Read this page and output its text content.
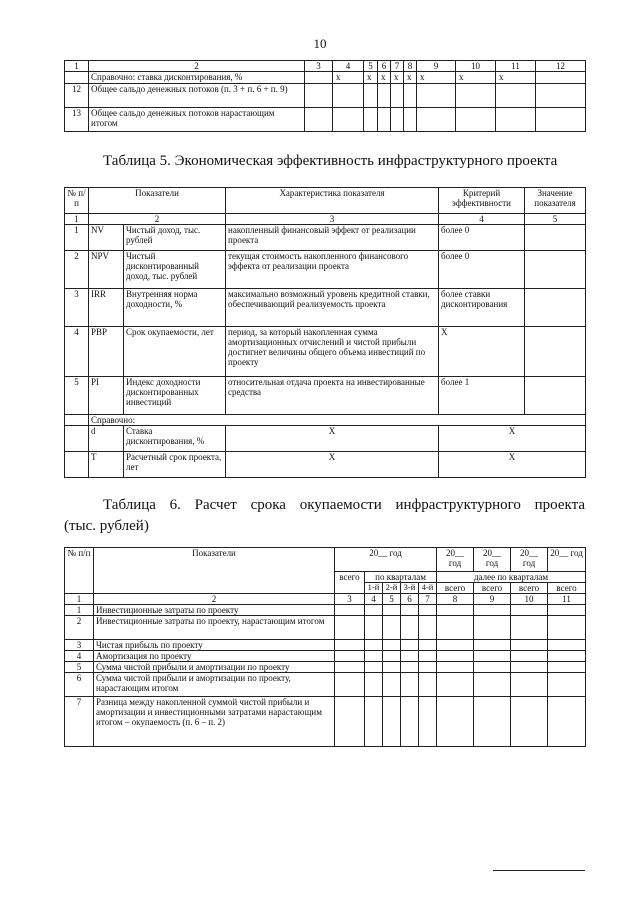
10
1	2	3	4	5	6	7	8	9	10	11	12
	Справочно: ставка дисконтирования, %		x	x	x	x	x	x	x	x	
12	Общее сальдо денежных потоков (п. 3 + п. 6 + п. 9)										
13	Общее сальдо денежных потоков нарастающим итогом										
Таблица 5. Экономическая эффективность инфраструктурного проекта
№ п/п	Показатели		Характеристика показателя	Критерий эффективности	Значение показателя
1	2		3	4	5
1	NV	Чистый доход, тыс. рублей	накопленный финансовый эффект от реализации проекта	более 0	
2	NPV	Чистый дисконтированный доход, тыс. рублей	текущая стоимость накопленного финансового эффекта от реализации проекта	более 0	
3	IRR	Внутренняя норма доходности, %	максимально возможный уровень кредитной ставки, обеспечивающий реализуемость проекта	более ставки дисконтирования	
4	PBP	Срок окупаемости, лет	период, за который накопленная сумма амортизационных отчислений и чистой прибыли достигнет величины общего объема инвестиций по проекту	X	
5	PI	Индекс доходности дисконтированных инвестиций	относительная отдача проекта на инвестированные средства	более 1	
	Справочно:				
	d	Ставка дисконтирования, %	X	X	
	T	Расчетный срок проекта, лет	X	X	
Таблица 6. Расчет срока окупаемости инфраструктурного проекта
(тыс. рублей)
№ п/п	Показатели	20__ год					20__ год	20__ год	20__ год	20__ год
		всего	по кварталам				далее по кварталам			
			1-й	2-й	3-й	4-й	всего	всего	всего	всего
1	2	3	4	5	6	7	8	9	10	11
1	Инвестиционные затраты по проекту									
2	Инвестиционные затраты по проекту, нарастающим итогом									
3	Чистая прибыль по проекту									
4	Амортизация по проекту									
5	Сумма чистой прибыли и амортизации по проекту									
6	Сумма чистой прибыли и амортизации по проекту, нарастающим итогом									
7	Разница между накопленной суммой чистой прибыли и амортизации и инвестиционными затратами нарастающим итогом – окупаемость (п. 6 – п. 2)									
